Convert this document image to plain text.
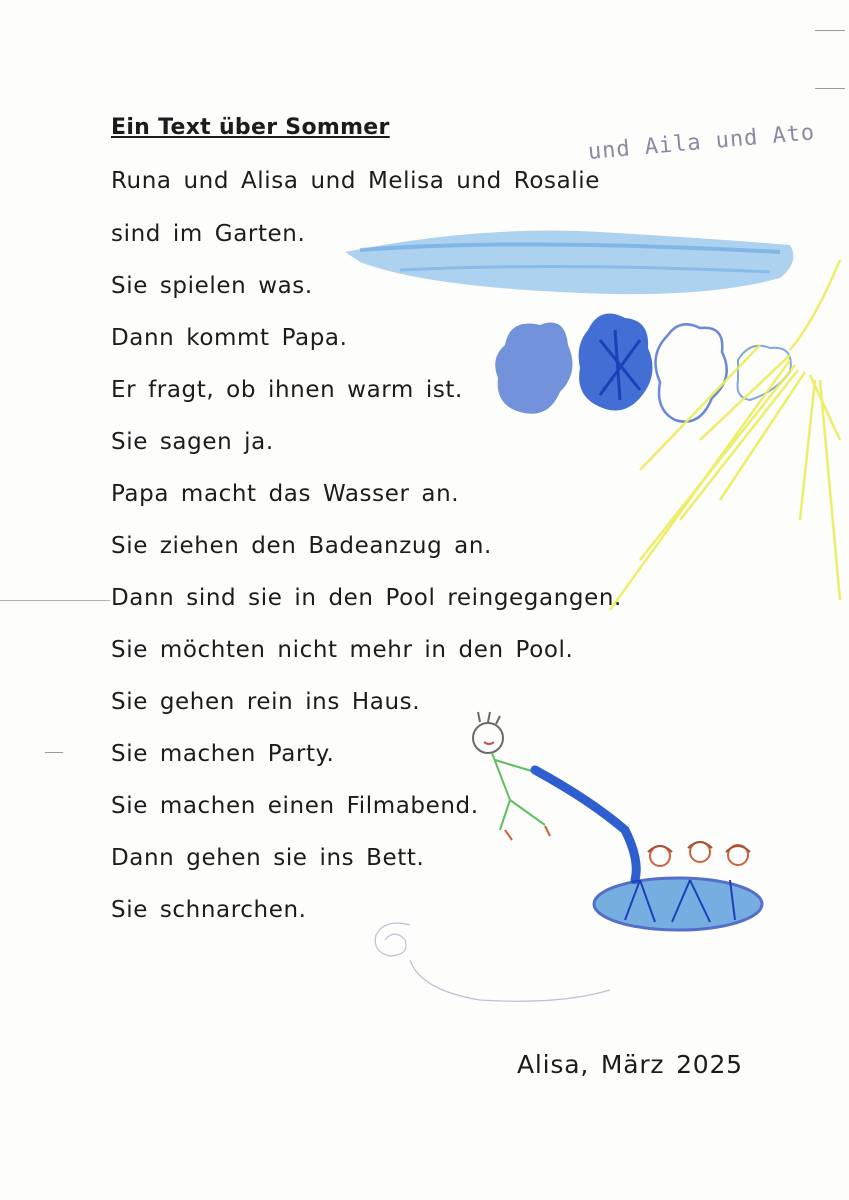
Ein Text über Sommer
Runa und Alisa und Melisa und Rosalie
sind im Garten.
Sie spielen was.
Dann kommt Papa.
Er fragt, ob ihnen warm ist.
Sie sagen ja.
Papa macht das Wasser an.
Sie ziehen den Badeanzug an.
Dann sind sie in den Pool reingegangen.
Sie möchten nicht mehr in den Pool.
Sie gehen rein ins Haus.
Sie machen Party.
Sie machen einen Filmabend.
Dann gehen sie ins Bett.
Sie schnarchen.
und Aila und Ato
Alisa, März 2025
